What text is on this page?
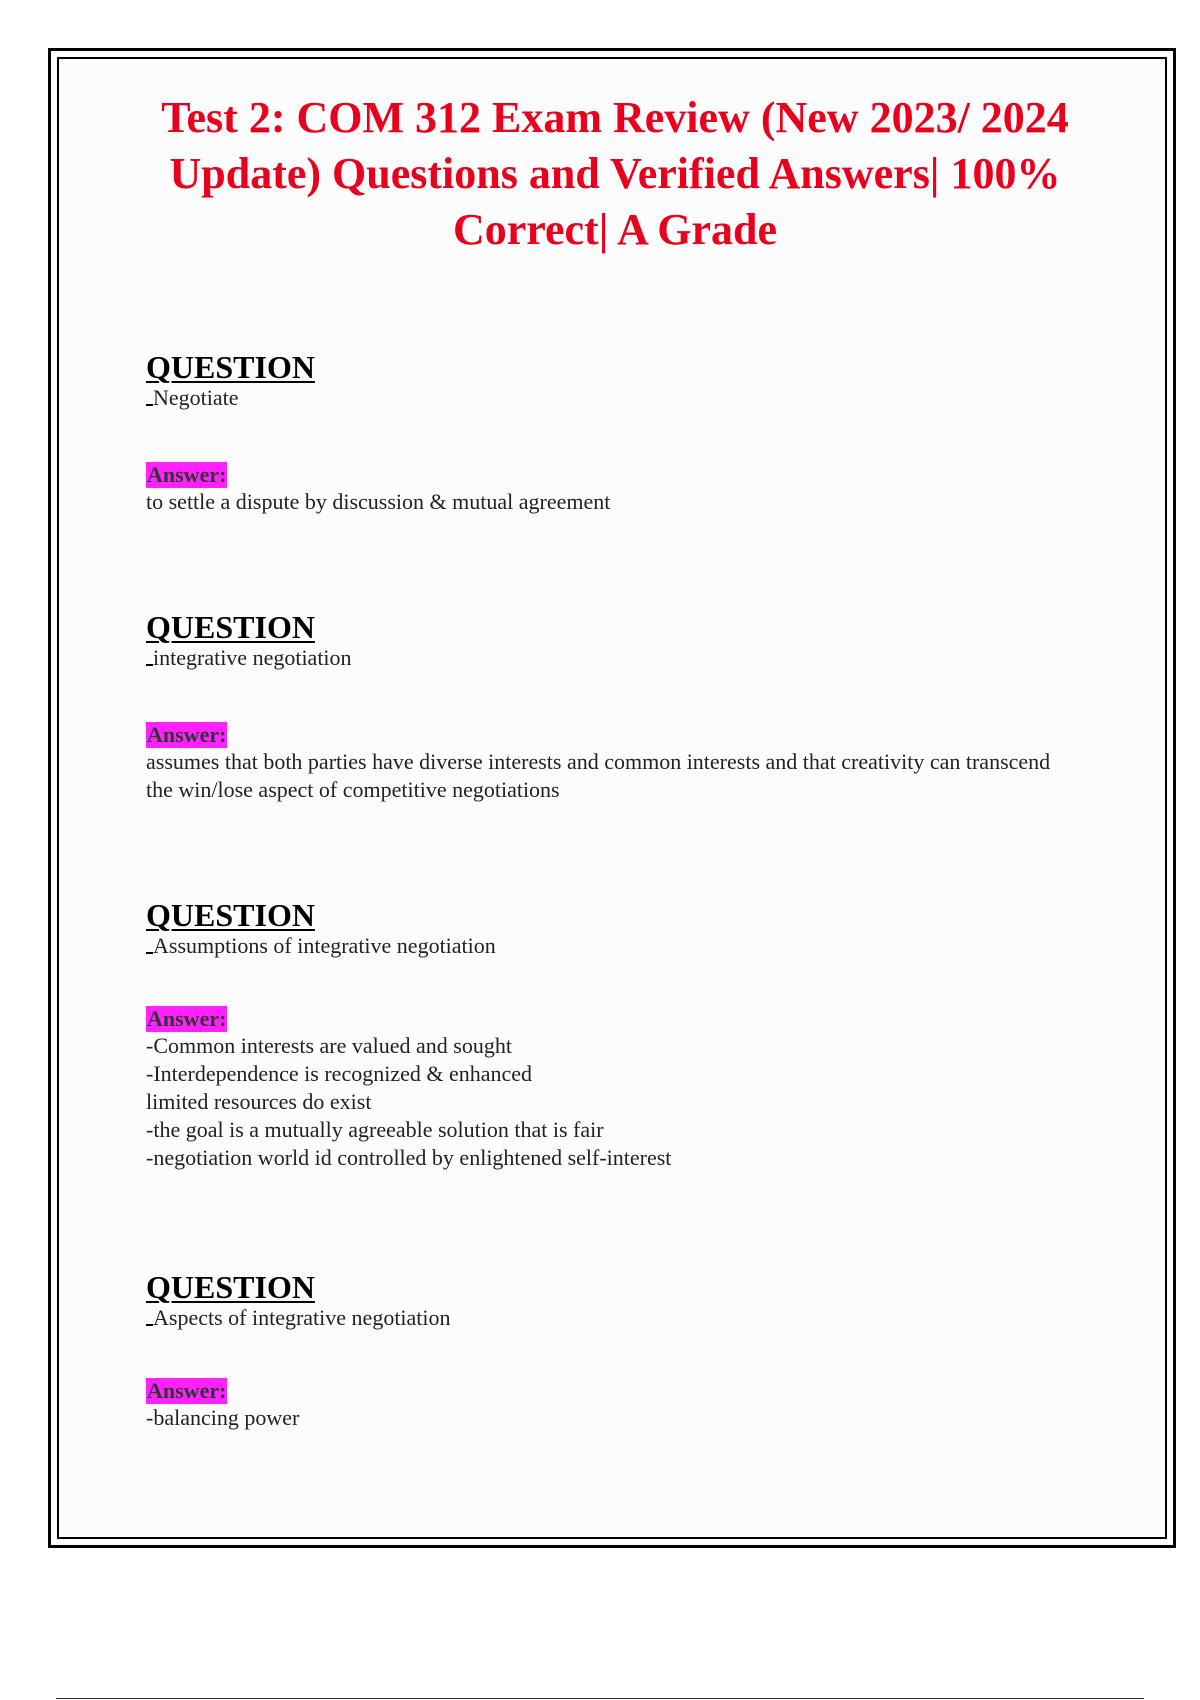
Test 2: COM 312 Exam Review (New 2023/ 2024 Update) Questions and Verified Answers| 100% Correct| A Grade
QUESTION
Negotiate
Answer:
to settle a dispute by discussion & mutual agreement
QUESTION
integrative negotiation
Answer:
assumes that both parties have diverse interests and common interests and that creativity can transcend the win/lose aspect of competitive negotiations
QUESTION
Assumptions of integrative negotiation
Answer:
-Common interests are valued and sought
-Interdependence is recognized & enhanced
limited resources do exist
-the goal is a mutually agreeable solution that is fair
-negotiation world id controlled by enlightened self-interest
QUESTION
Aspects of integrative negotiation
Answer:
-balancing power
